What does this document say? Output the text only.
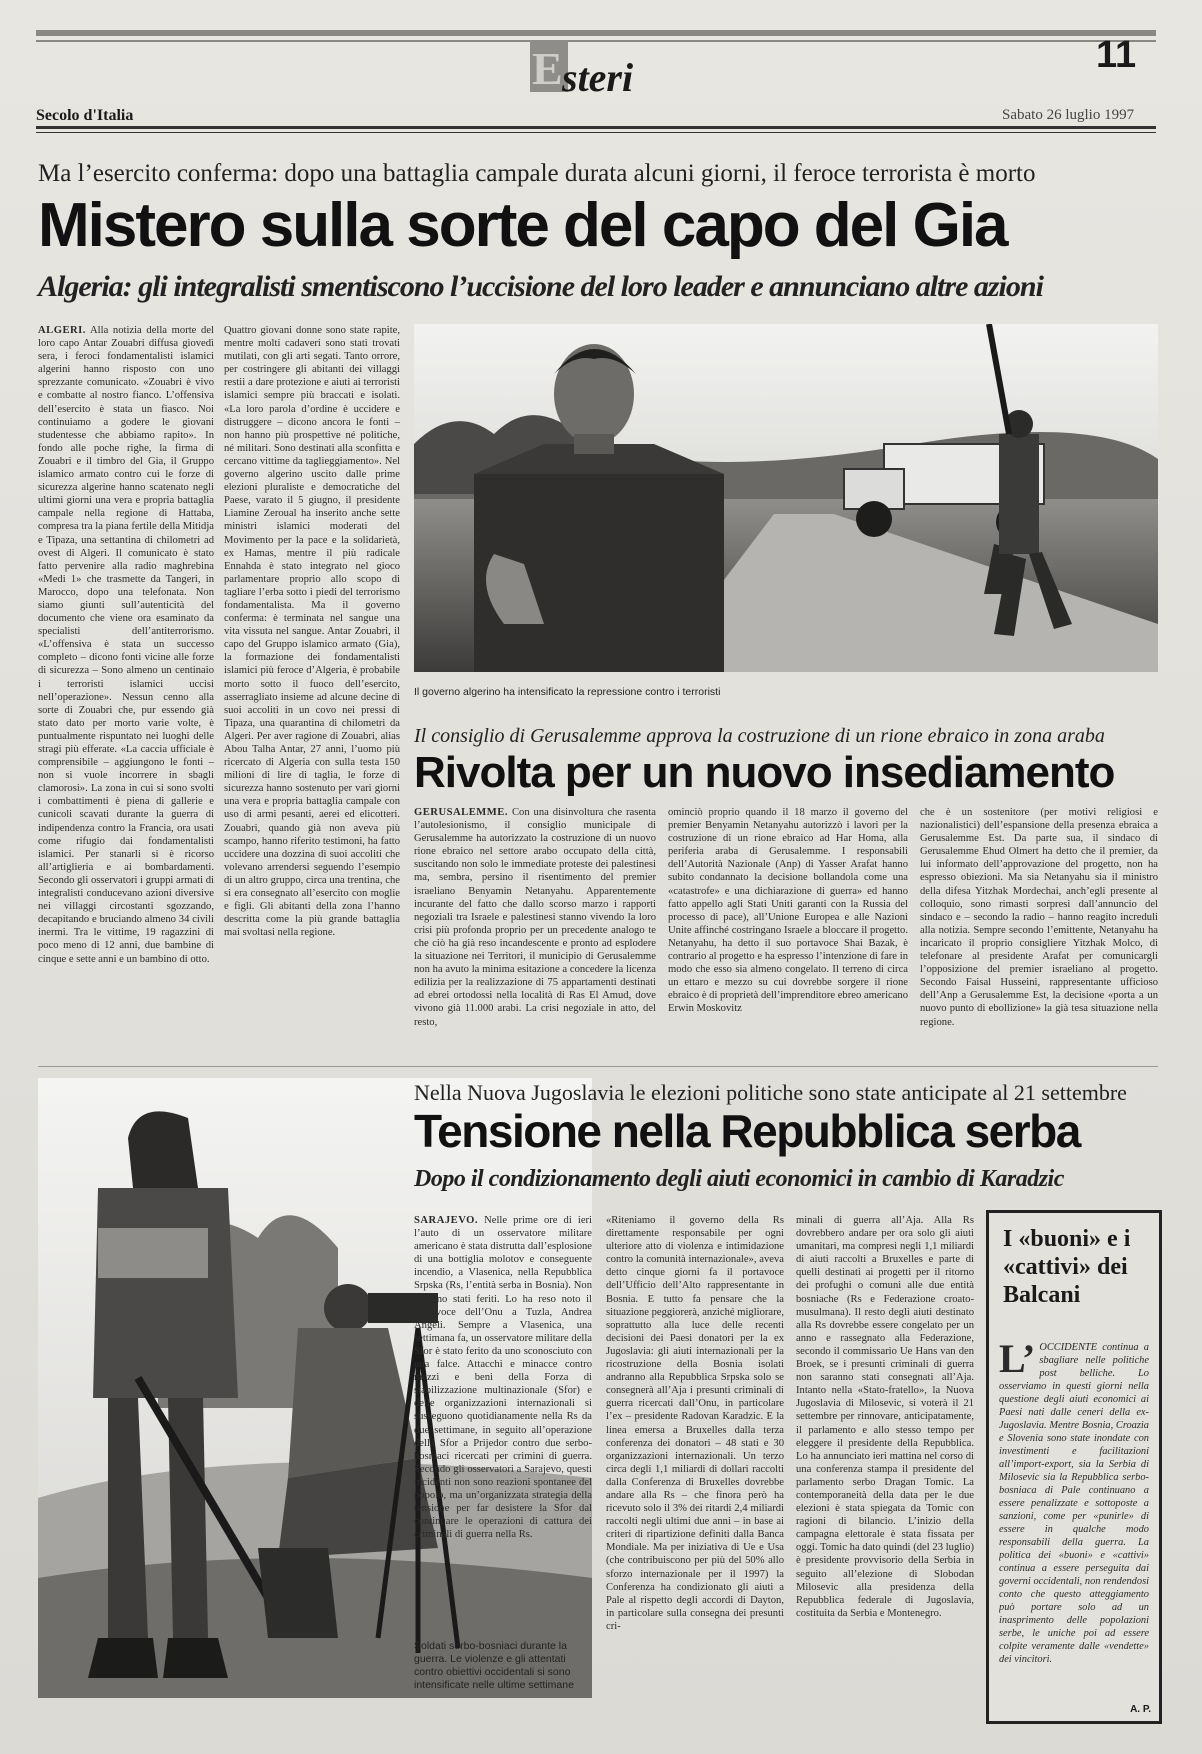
E steri	11
Secolo d'Italia	Sabato 26 luglio 1997
Ma l’esercito conferma: dopo una battaglia campale durata alcuni giorni, il feroce terrorista è morto
Mistero sulla sorte del capo del Gia
Algeria: gli integralisti smentiscono l’uccisione del loro leader e annunciano altre azioni
ALGERI. Alla notizia della morte del loro capo Antar Zouabri diffusa giovedì sera, i feroci fondamentalisti islamici algerini hanno risposto con uno sprezzante comunicato. «Zouabri è vivo e combatte al nostro fianco. L’offensiva dell’esercito è stata un fiasco. Noi continuiamo a godere le giovani studentesse che abbiamo rapito». In fondo alle poche righe, la firma di Zouabri e il timbro del Gia, il Gruppo islamico armato contro cui le forze di sicurezza algerine hanno scatenato negli ultimi giorni una vera e propria battaglia campale nella regione di Hattaba, compresa tra la piana fertile della Mitidja e Tipaza, una settantina di chilometri ad ovest di Algeri. Il comunicato è stato fatto pervenire alla radio maghrebina «Medi 1» che trasmette da Tangeri, in Marocco, dopo una telefonata. Non siamo giunti sull’autenticità del documento che viene ora esaminato da specialisti dell’antiterrorismo. «L’offensiva è stata un successo completo – dicono fonti vicine alle forze di sicurezza – Sono almeno un centinaio i terroristi islamici uccisi nell’operazione». Nessun cenno alla sorte di Zouabri che, pur essendo già stato dato per morto varie volte, è puntualmente rispuntato nei luoghi delle stragi più efferate. «La caccia ufficiale è comprensibile – aggiungono le fonti – non si vuole incorrere in sbagli clamorosi». La zona in cui si sono svolti i combattimenti è piena di gallerie e cunicoli scavati durante la guerra di indipendenza contro la Francia, ora usati come rifugio dai fondamentalisti islamici. Per stanarli si è ricorso all’artiglieria e ai bombardamenti. Secondo gli osservatori i gruppi armati di integralisti conducevano azioni diversive nei villaggi circostanti sgozzando, decapitando e bruciando almeno 34 civili inermi. Tra le vittime, 19 ragazzini di poco meno di 12 anni, due bambine di cinque e sette anni e un bambino di otto.
Quattro giovani donne sono state rapite, mentre molti cadaveri sono stati trovati mutilati, con gli arti segati. Tanto orrore, per costringere gli abitanti dei villaggi restii a dare protezione e aiuti ai terroristi islamici sempre più braccati e isolati. «La loro parola d’ordine è uccidere e distruggere – dicono ancora le fonti – non hanno più prospettive né politiche, né militari. Sono destinati alla sconfitta e cercano vittime da taglieggiamento». Nel governo algerino uscito dalle prime elezioni pluraliste e democratiche del Paese, varato il 5 giugno, il presidente Liamine Zeroual ha inserito anche sette ministri islamici moderati del Movimento per la pace e la solidarietà, ex Hamas, mentre il più radicale Ennahda è stato integrato nel gioco parlamentare proprio allo scopo di tagliare l’erba sotto i piedi del terrorismo fondamentalista. Ma il governo conferma: è terminata nel sangue una vita vissuta nel sangue. Antar Zouabri, il capo del Gruppo islamico armato (Gia), la formazione dei fondamentalisti islamici più feroce d’Algeria, è probabile morto sotto il fuoco dell’esercito, asserragliato insieme ad alcune decine di suoi accoliti in un covo nei pressi di Tipaza, una quarantina di chilometri da Algeri. Per aver ragione di Zouabri, alias Abou Talha Antar, 27 anni, l’uomo più ricercato di Algeria con sulla testa 150 milioni di lire di taglia, le forze di sicurezza hanno sostenuto per vari giorni una vera e propria battaglia campale con uso di armi pesanti, aerei ed elicotteri. Zouabri, quando già non aveva più scampo, hanno riferito testimoni, ha fatto uccidere una dozzina di suoi accoliti che volevano arrendersi seguendo l’esempio di un altro gruppo, circa una trentina, che si era consegnato all’esercito con moglie e figli. Gli abitanti della zona l’hanno descritta come la più grande battaglia mai svoltasi nella regione.
Il governo algerino ha intensificato la repressione contro i terroristi
Il consiglio di Gerusalemme approva la costruzione di un rione ebraico in zona araba
Rivolta per un nuovo insediamento
GERUSALEMME. Con una disinvoltura che rasenta l’autolesionismo, il consiglio municipale di Gerusalemme ha autorizzato la costruzione di un nuovo rione ebraico nel settore arabo occupato della città, suscitando non solo le immediate proteste dei palestinesi ma, sembra, persino il risentimento del premier israeliano Benyamin Netanyahu. Apparentemente incurante del fatto che dallo scorso marzo i rapporti negoziali tra Israele e palestinesi stanno vivendo la loro crisi più profonda proprio per un precedente analogo te che ciò ha già reso incandescente e pronto ad esplodere la situazione nei Territori, il municipio di Gerusalemme non ha avuto la minima esitazione a concedere la licenza edilizia per la realizzazione di 75 appartamenti destinati ad ebrei ortodossi nella località di Ras El Amud, dove vivono già 11.000 arabi. La crisi negoziale in atto, del resto,
ominciò proprio quando il 18 marzo il governo del premier Benyamin Netanyahu autorizzò i lavori per la costruzione di un rione ebraico ad Har Homa, alla periferia araba di Gerusalemme. I responsabili dell’Autorità Nazionale (Anp) di Yasser Arafat hanno subito condannato la decisione bollandola come una «catastrofe» e una dichiarazione di guerra» ed hanno fatto appello agli Stati Uniti garanti con la Russia del processo di pace), all’Unione Europea e alle Nazioni Unite affinché costringano Israele a bloccare il progetto. Netanyahu, ha detto il suo portavoce Shai Bazak, è contrario al progetto e ha espresso l’intenzione di fare in modo che esso sia almeno congelato. Il terreno di circa un ettaro e mezzo su cui dovrebbe sorgere il rione ebraico è di proprietà dell’imprenditore ebreo americano Erwin Moskovitz
che è un sostenitore (per motivi religiosi e nazionalistici) dell’espansione della presenza ebraica a Gerusalemme Est. Da parte sua, il sindaco di Gerusalemme Ehud Olmert ha detto che il premier, da lui informato dell’approvazione del progetto, non ha espresso obiezioni. Ma sia Netanyahu sia il ministro della difesa Yitzhak Mordechai, anch’egli presente al colloquio, sono rimasti sorpresi dall’annuncio del sindaco e – secondo la radio – hanno reagito increduli alla notizia. Sempre secondo l’emittente, Netanyahu ha incaricato il proprio consigliere Yitzhak Molco, di telefonare al presidente Arafat per comunicargli l’opposizione del premier israeliano al progetto. Secondo Faisal Husseini, rappresentante ufficioso dell’Anp a Gerusalemme Est, la decisione «porta a un nuovo punto di ebollizione» la già tesa situazione nella regione.
Nella Nuova Jugoslavia le elezioni politiche sono state anticipate al 21 settembre
Tensione nella Repubblica serba
Dopo il condizionamento degli aiuti economici in cambio di Karadzic
SARAJEVO. Nelle prime ore di ieri l’auto di un osservatore militare americano è stata distrutta dall’esplosione di una bottiglia molotov e conseguente incendio, a Vlasenica, nella Repubblica Srpska (Rs, l’entità serba in Bosnia). Non ci sono stati feriti. Lo ha reso noto il portavoce dell’Onu a Tuzla, Andrea Angeli. Sempre a Vlasenica, una settimana fa, un osservatore militare della Sfor è stato ferito da uno sconosciuto con una falce. Attacchi e minacce contro mezzi e beni della Forza di stabilizzazione multinazionale (Sfor) e delle organizzazioni internazionali si susseguono quotidianamente nella Rs da due settimane, in seguito all’operazione della Sfor a Prijedor contro due serbo-bosniaci ricercati per crimini di guerra. Secondo gli osservatori a Sarajevo, questi incidenti non sono reazioni spontanee del popolo, ma un’organizzata strategia della tensione per far desistere la Sfor dal continuare le operazioni di cattura dei criminali di guerra nella Rs.
Soldati serbo-bosniaci durante la guerra. Le violenze e gli attentati contro obiettivi occidentali si sono intensificate nelle ultime settimane
«Riteniamo il governo della Rs direttamente responsabile per ogni ulteriore atto di violenza e intimidazione contro la comunità internazionale», aveva detto cinque giorni fa il portavoce dell’Ufficio dell’Alto rappresentante in Bosnia. E tutto fa pensare che la situazione peggiorerà, anziché migliorare, soprattutto alla luce delle recenti decisioni dei Paesi donatori per la ex Jugoslavia: gli aiuti internazionali per la ricostruzione della Bosnia isolati andranno alla Repubblica Srpska solo se consegnerà all’Aja i presunti criminali di guerra ricercati dall’Onu, in particolare l’ex – presidente Radovan Karadzic. E la linea emersa a Bruxelles dalla terza conferenza dei donatori – 48 stati e 30 organizzazioni internazionali. Un terzo circa degli 1,1 miliardi di dollari raccolti dalla Conferenza di Bruxelles dovrebbe andare alla Rs – che finora però ha ricevuto solo il 3% dei ritardi 2,4 miliardi raccolti negli ultimi due anni – in base ai criteri di ripartizione definiti dalla Banca Mondiale. Ma per iniziativa di Ue e Usa (che contribuiscono per più del 50% allo sforzo internazionale per il 1997) la Conferenza ha condizionato gli aiuti a Pale al rispetto degli accordi di Dayton, in particolare sulla consegna dei presunti cri-
minali di guerra all’Aja. Alla Rs dovrebbero andare per ora solo gli aiuti umanitari, ma compresi negli 1,1 miliardi di aiuti raccolti a Bruxelles e parte di quelli destinati ai progetti per il ritorno dei profughi o comuni alle due entità bosniache (Rs e Federazione croato-musulmana). Il resto degli aiuti destinato alla Rs dovrebbe essere congelato per un anno e rassegnato alla Federazione, secondo il commissario Ue Hans van den Broek, se i presunti criminali di guerra non saranno stati consegnati all’Aja. Intanto nella «Stato-fratello», la Nuova Jugoslavia di Milosevic, si voterà il 21 settembre per rinnovare, anticipatamente, il parlamento e allo stesso tempo per eleggere il presidente della Repubblica. Lo ha annunciato ieri mattina nel corso di una conferenza stampa il presidente del parlamento serbo Dragan Tomic. La contemporaneità della data per le due elezioni è stata spiegata da Tomic con ragioni di bilancio. L’inizio della campagna elettorale è stata fissata per oggi. Tomic ha dato quindi (del 23 luglio) è presidente provvisorio della Serbia in seguito all’elezione di Slobodan Milosevic alla presidenza della Repubblica federale di Jugoslavia, costituita da Serbia e Montenegro.
I «buoni» e i «cattivi» dei Balcani
L’ OCCIDENTE continua a sbagliare nelle politiche post belliche. Lo osserviamo in questi giorni nella questione degli aiuti economici ai Paesi nati dalle ceneri della ex-Jugoslavia. Mentre Bosnia, Croazia e Slovenia sono state inondate con investimenti e facilitazioni all’import-export, sia la Serbia di Milosevic sia la Repubblica serbo-bosniaca di Pale continuano a essere penalizzate e sottoposte a sanzioni, come per «punirle» di essere in qualche modo responsabili della guerra. La politica dei «buoni» e «cattivi» continua a essere perseguita dai governi occidentali, non rendendosi conto che questo atteggiamento può portare solo ad un inasprimento delle popolazioni serbe, le uniche poi ad essere colpite veramente dalle «vendette» dei vincitori.
A. P.
